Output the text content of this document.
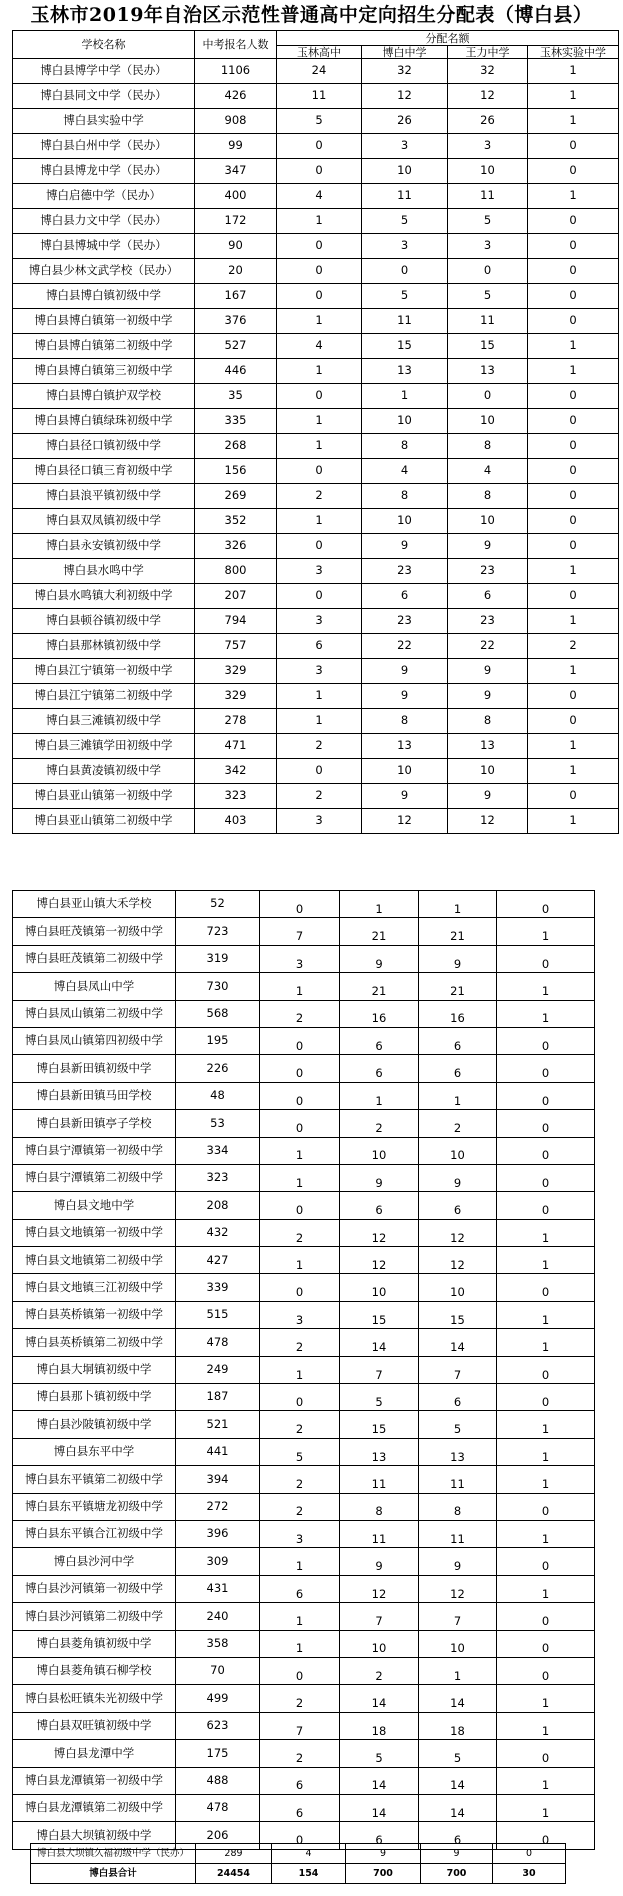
玉林市2019年自治区示范性普通高中定向招生分配表（博白县）
学校名称	中考报名人数	分配名额			
		玉林高中	博白中学	王力中学	玉林实验中学
博白县博学中学（民办）	1106	24	32	32	1
博白县同文中学（民办）	426	11	12	12	1
博白县实验中学	908	5	26	26	1
博白县白州中学（民办）	99	0	3	3	0
博白县博龙中学（民办）	347	0	10	10	0
博白启德中学（民办）	400	4	11	11	1
博白县力文中学（民办）	172	1	5	5	0
博白县博城中学（民办）	90	0	3	3	0
博白县少林文武学校（民办）	20	0	0	0	0
博白县博白镇初级中学	167	0	5	5	0
博白县博白镇第一初级中学	376	1	11	11	0
博白县博白镇第二初级中学	527	4	15	15	1
博白县博白镇第三初级中学	446	1	13	13	1
博白县博白镇护双学校	35	0	1	0	0
博白县博白镇绿珠初级中学	335	1	10	10	0
博白县径口镇初级中学	268	1	8	8	0
博白县径口镇三育初级中学	156	0	4	4	0
博白县浪平镇初级中学	269	2	8	8	0
博白县双凤镇初级中学	352	1	10	10	0
博白县永安镇初级中学	326	0	9	9	0
博白县水鸣中学	800	3	23	23	1
博白县水鸣镇大利初级中学	207	0	6	6	0
博白县顿谷镇初级中学	794	3	23	23	1
博白县那林镇初级中学	757	6	22	22	2
博白县江宁镇第一初级中学	329	3	9	9	1
博白县江宁镇第二初级中学	329	1	9	9	0
博白县三滩镇初级中学	278	1	8	8	0
博白县三滩镇学田初级中学	471	2	13	13	1
博白县黄凌镇初级中学	342	0	10	10	1
博白县亚山镇第一初级中学	323	2	9	9	0
博白县亚山镇第二初级中学	403	3	12	12	1
博白县亚山镇大禾学校	52	0	1	1	0
博白县旺茂镇第一初级中学	723	7	21	21	1
博白县旺茂镇第二初级中学	319	3	9	9	0
博白县凤山中学	730	1	21	21	1
博白县凤山镇第二初级中学	568	2	16	16	1
博白县凤山镇第四初级中学	195	0	6	6	0
博白县新田镇初级中学	226	0	6	6	0
博白县新田镇马田学校	48	0	1	1	0
博白县新田镇亭子学校	53	0	2	2	0
博白县宁潭镇第一初级中学	334	1	10	10	0
博白县宁潭镇第二初级中学	323	1	9	9	0
博白县文地中学	208	0	6	6	0
博白县文地镇第一初级中学	432	2	12	12	1
博白县文地镇第二初级中学	427	1	12	12	1
博白县文地镇三江初级中学	339	0	10	10	0
博白县英桥镇第一初级中学	515	3	15	15	1
博白县英桥镇第二初级中学	478	2	14	14	1
博白县大垌镇初级中学	249	1	7	7	0
博白县那卜镇初级中学	187	0	5	6	0
博白县沙陂镇初级中学	521	2	15	5	1
博白县东平中学	441	5	13	13	1
博白县东平镇第二初级中学	394	2	11	11	1
博白县东平镇塘龙初级中学	272	2	8	8	0
博白县东平镇合江初级中学	396	3	11	11	1
博白县沙河中学	309	1	9	9	0
博白县沙河镇第一初级中学	431	6	12	12	1
博白县沙河镇第二初级中学	240	1	7	7	0
博白县菱角镇初级中学	358	1	10	10	0
博白县菱角镇石柳学校	70	0	2	1	0
博白县松旺镇朱光初级中学	499	2	14	14	1
博白县双旺镇初级中学	623	7	18	18	1
博白县龙潭中学	175	2	5	5	0
博白县龙潭镇第一初级中学	488	6	14	14	1
博白县龙潭镇第二初级中学	478	6	14	14	1
博白县大坝镇初级中学	206	0	6	6	0
博白县大坝镇久福初级中学（民办）	289	4	9	9	0
博白县合计	24454	154	700	700	30
